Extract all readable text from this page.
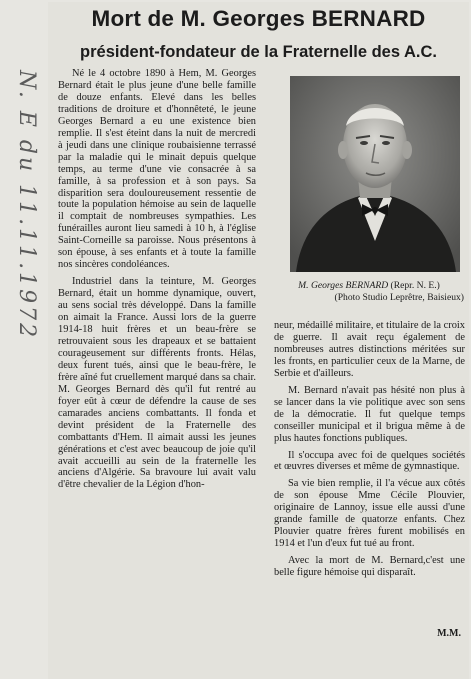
N. E du 11.11.1972
Mort de M. Georges BERNARD
président-fondateur de la Fraternelle des A.C.

Né le 4 octobre 1890 à Hem, M. Georges Bernard était le plus jeune d'une belle famille de douze enfants. Elevé dans les belles traditions de droiture et d'honnêteté, le jeune Georges Bernard a eu une existence bien remplie. Il s'est éteint dans la nuit de mercredi à jeudi dans une clinique roubaisienne terrassé par la maladie qui le minait depuis quelque temps, au terme d'une vie consacrée à sa famille, à sa profession et à son pays. Sa disparition sera douloureusement ressentie de toute la population hémoise au sein de laquelle il comptait de nombreuses sympathies. Les funérailles auront lieu samedi à 10 h, à l'église Saint-Corneille sa paroisse. Nous présentons à son épouse, à ses enfants et à toute la famille nos sincères condoléances.

Industriel dans la teinture, M. Georges Bernard, était un homme dynamique, ouvert, au sens social très développé. Dans la famille on aimait la France. Aussi lors de la guerre 1914-18 huit frères et un beau-frère se retrouvaient sous les drapeaux et se battaient courageusement sur différents fronts. Hélas, deux furent tués, ainsi que le beau-frère, le frère aîné fut cruellement marqué dans sa chair. M. Georges Bernard dès qu'il fut rentré au foyer eût à cœur de défendre la cause de ses camarades anciens combattants. Il fonda et devint président de la Fraternelle des combattants d'Hem. Il aimait aussi les jeunes générations et c'est avec beaucoup de joie qu'il avait accueilli au sein de la fraternelle les anciens d'Algérie. Sa bravoure lui avait valu d'être chevalier de la Légion d'hon-

M. Georges BERNARD (Repr. N. E.)
(Photo Studio Leprêtre, Baisieux)

neur, médaillé militaire, et titulaire de la croix de guerre. Il avait reçu également de nombreuses autres distinctions méritées sur les fronts, en particulier ceux de la Marne, de Serbie et d'ailleurs.

M. Bernard n'avait pas hésité non plus à se lancer dans la vie politique avec son sens de la démocratie. Il fut quelque temps conseiller municipal et il brigua même à de plus hautes fonctions publiques.

Il s'occupa avec foi de quelques sociétés et œuvres diverses et même de gymnastique.

Sa vie bien remplie, il l'a vécue aux côtés de son épouse Mme Cécile Plouvier, originaire de Lannoy, issue elle aussi d'une grande famille de quatorze enfants. Chez Plouvier quatre frères furent mobilisés en 1914 et l'un d'eux fut tué au front.

Avec la mort de M. Bernard,c'est une belle figure hémoise qui disparaît.

M.M.
